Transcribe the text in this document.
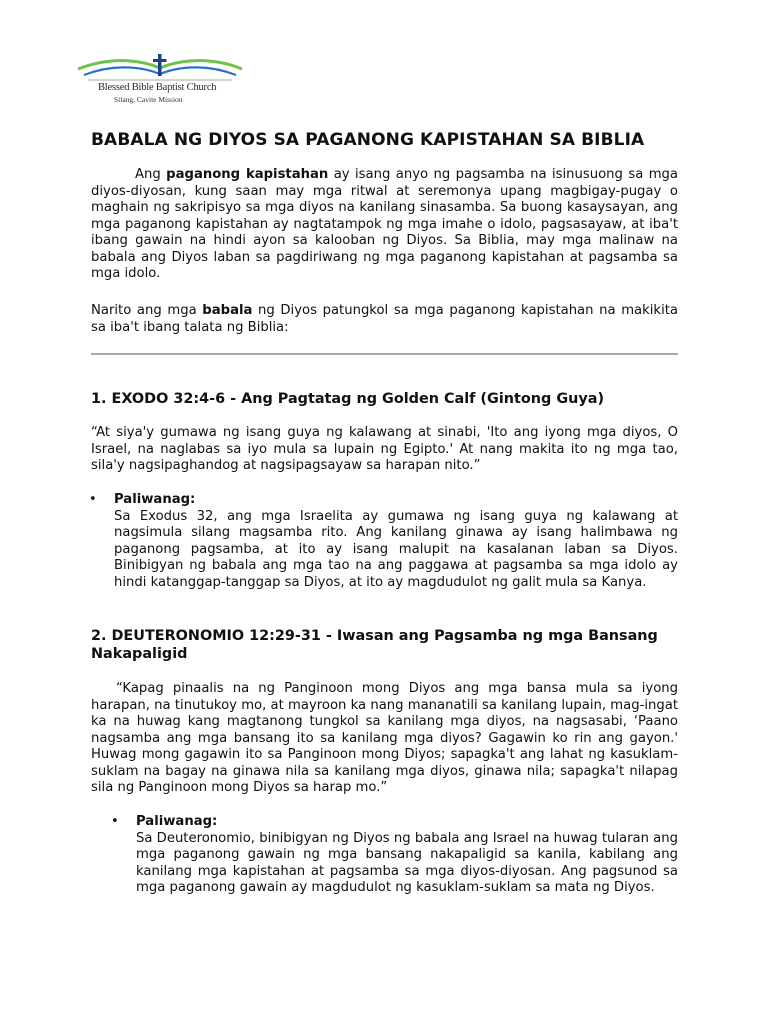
Blessed Bible Baptist Church
Silang, Cavite Mission
BABALA NG DIYOS SA PAGANONG KAPISTAHAN SA BIBLIA

Ang paganong kapistahan ay isang anyo ng pagsamba na isinusuong sa mga diyos-diyosan, kung saan may mga ritwal at seremonya upang magbigay-pugay o maghain ng sakripisyo sa mga diyos na kanilang sinasamba. Sa buong kasaysayan, ang mga paganong kapistahan ay nagtatampok ng mga imahe o idolo, pagsasayaw, at iba't ibang gawain na hindi ayon sa kalooban ng Diyos. Sa Biblia, may mga malinaw na babala ang Diyos laban sa pagdiriwang ng mga paganong kapistahan at pagsamba sa mga idolo.

Narito ang mga babala ng Diyos patungkol sa mga paganong kapistahan na makikita sa iba't ibang talata ng Biblia:

1. EXODO 32:4-6 - Ang Pagtatag ng Golden Calf (Gintong Guya)

“At siya'y gumawa ng isang guya ng kalawang at sinabi, 'Ito ang iyong mga diyos, O Israel, na naglabas sa iyo mula sa lupain ng Egipto.' At nang makita ito ng mga tao, sila'y nagsipaghandog at nagsipagsayaw sa harapan nito.”

• Paliwanag:

Sa Exodus 32, ang mga Israelita ay gumawa ng isang guya ng kalawang at nagsimula silang magsamba rito. Ang kanilang ginawa ay isang halimbawa ng paganong pagsamba, at ito ay isang malupit na kasalanan laban sa Diyos. Binibigyan ng babala ang mga tao na ang paggawa at pagsamba sa mga idolo ay hindi katanggap-tanggap sa Diyos, at ito ay magdudulot ng galit mula sa Kanya.

2. DEUTERONOMIO 12:29-31 - Iwasan ang Pagsamba ng mga Bansang Nakapaligid

“Kapag pinaalis na ng Panginoon mong Diyos ang mga bansa mula sa iyong harapan, na tinutukoy mo, at mayroon ka nang mananatili sa kanilang lupain, mag-ingat ka na huwag kang magtanong tungkol sa kanilang mga diyos, na nagsasabi, ‘Paano nagsamba ang mga bansang ito sa kanilang mga diyos? Gagawin ko rin ang gayon.' Huwag mong gagawin ito sa Panginoon mong Diyos; sapagka't ang lahat ng kasuklam-suklam na bagay na ginawa nila sa kanilang mga diyos, ginawa nila; sapagka't nilapag sila ng Panginoon mong Diyos sa harap mo.”

• Paliwanag:

Sa Deuteronomio, binibigyan ng Diyos ng babala ang Israel na huwag tularan ang mga paganong gawain ng mga bansang nakapaligid sa kanila, kabilang ang kanilang mga kapistahan at pagsamba sa mga diyos-diyosan. Ang pagsunod sa mga paganong gawain ay magdudulot ng kasuklam-suklam sa mata ng Diyos.
